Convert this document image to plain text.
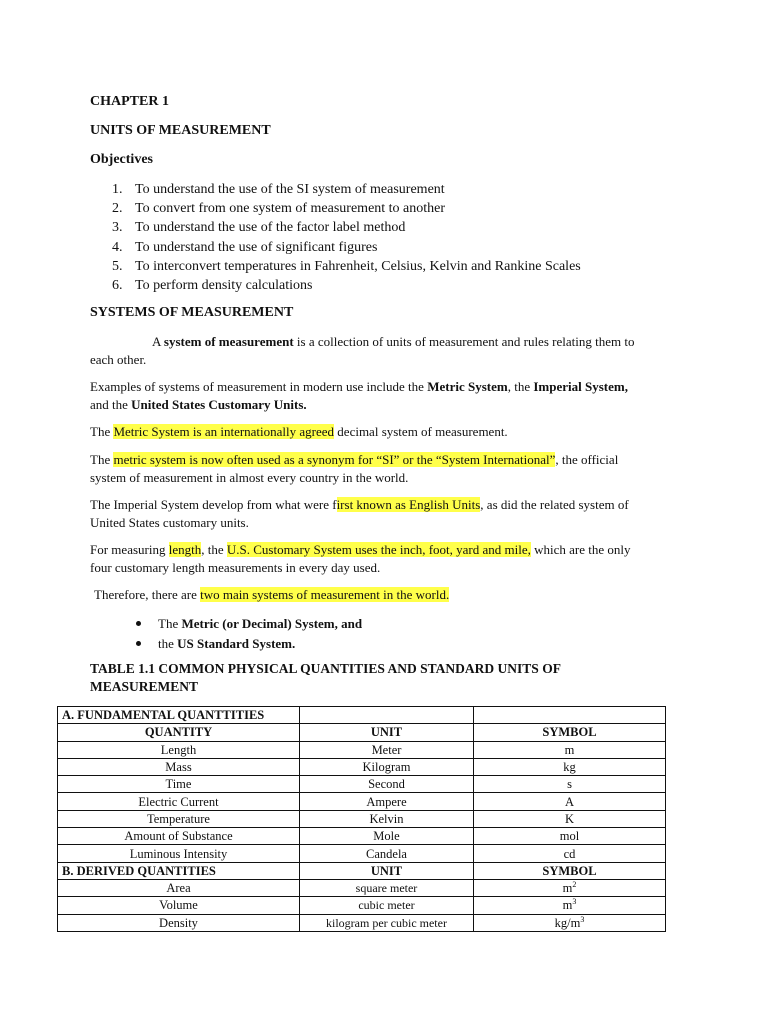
CHAPTER 1
UNITS OF MEASUREMENT
Objectives
1. To understand the use of the SI system of measurement
2. To convert from one system of measurement to another
3. To understand the use of the factor label method
4. To understand the use of significant figures
5. To interconvert temperatures in Fahrenheit, Celsius, Kelvin and Rankine Scales
6. To perform density calculations
SYSTEMS OF MEASUREMENT
A system of measurement is a collection of units of measurement and rules relating them to
each other.
Examples of systems of measurement in modern use include the Metric System, the Imperial System,
and the United States Customary Units.
The Metric System is an internationally agreed decimal system of measurement.
The metric system is now often used as a synonym for “SI” or the “System International”, the official
system of measurement in almost every country in the world.
The Imperial System develop from what were first known as English Units, as did the related system of
United States customary units.
For measuring length, the U.S. Customary System uses the inch, foot, yard and mile, which are the only
four customary length measurements in every day used.
Therefore, there are two main systems of measurement in the world.
The Metric (or Decimal) System, and
the US Standard System.
TABLE 1.1 COMMON PHYSICAL QUANTITIES AND STANDARD UNITS OF
MEASUREMENT
A. FUNDAMENTAL QUANTTITIES		
QUANTITY	UNIT	SYMBOL
Length	Meter	m
Mass	Kilogram	kg
Time	Second	s
Electric Current	Ampere	A
Temperature	Kelvin	K
Amount of Substance	Mole	mol
Luminous Intensity	Candela	cd
B. DERIVED QUANTITIES	UNIT	SYMBOL
Area	square meter	$m^2$
Volume	cubic meter	$m^3$
Density	kilogram per cubic meter	$kg/m^3$
